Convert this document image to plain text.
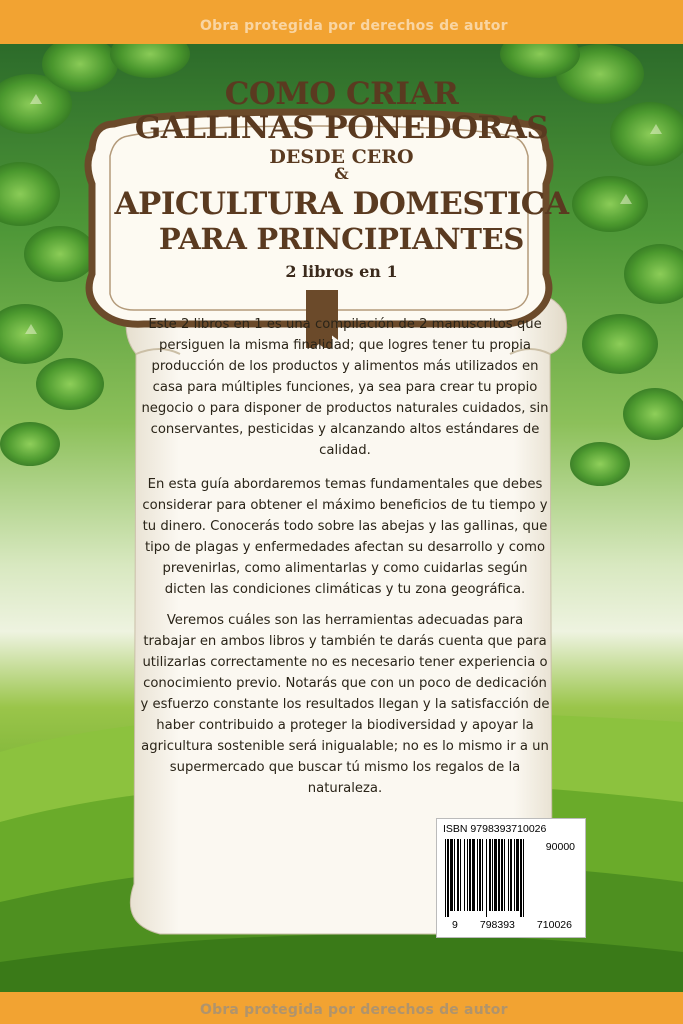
Obra protegida por derechos de autor
COMO CRIAR
GALLINAS PONEDORAS
DESDE CERO
&
APICULTURA DOMESTICA
PARA PRINCIPIANTES
2 libros en 1

Este 2 libros en 1 es una compilación de 2 manuscritos que persiguen la misma finalidad; que logres tener tu propia producción de los productos y alimentos más utilizados en casa para múltiples funciones, ya sea para crear tu propio negocio o para disponer de productos naturales cuidados, sin conservantes, pesticidas y alcanzando altos estándares de calidad.

En esta guía abordaremos temas fundamentales que debes considerar para obtener el máximo beneficios de tu tiempo y tu dinero. Conocerás todo sobre las abejas y las gallinas, que tipo de plagas y enfermedades afectan su desarrollo y como prevenirlas, como alimentarlas y como cuidarlas según dicten las condiciones climáticas y tu zona geográfica.

Veremos cuáles son las herramientas adecuadas para trabajar en ambos libros y también te darás cuenta que para utilizarlas correctamente no es necesario tener experiencia o conocimiento previo. Notarás que con un poco de dedicación y esfuerzo constante los resultados llegan y la satisfacción de haber contribuido a proteger la biodiversidad y apoyar la agricultura sostenible será inigualable; no es lo mismo ir a un supermercado que buscar tú mismo los regalos de la naturaleza.

ISBN 9798393710026
90000
9 798393 710026
Obra protegida por derechos de autor
